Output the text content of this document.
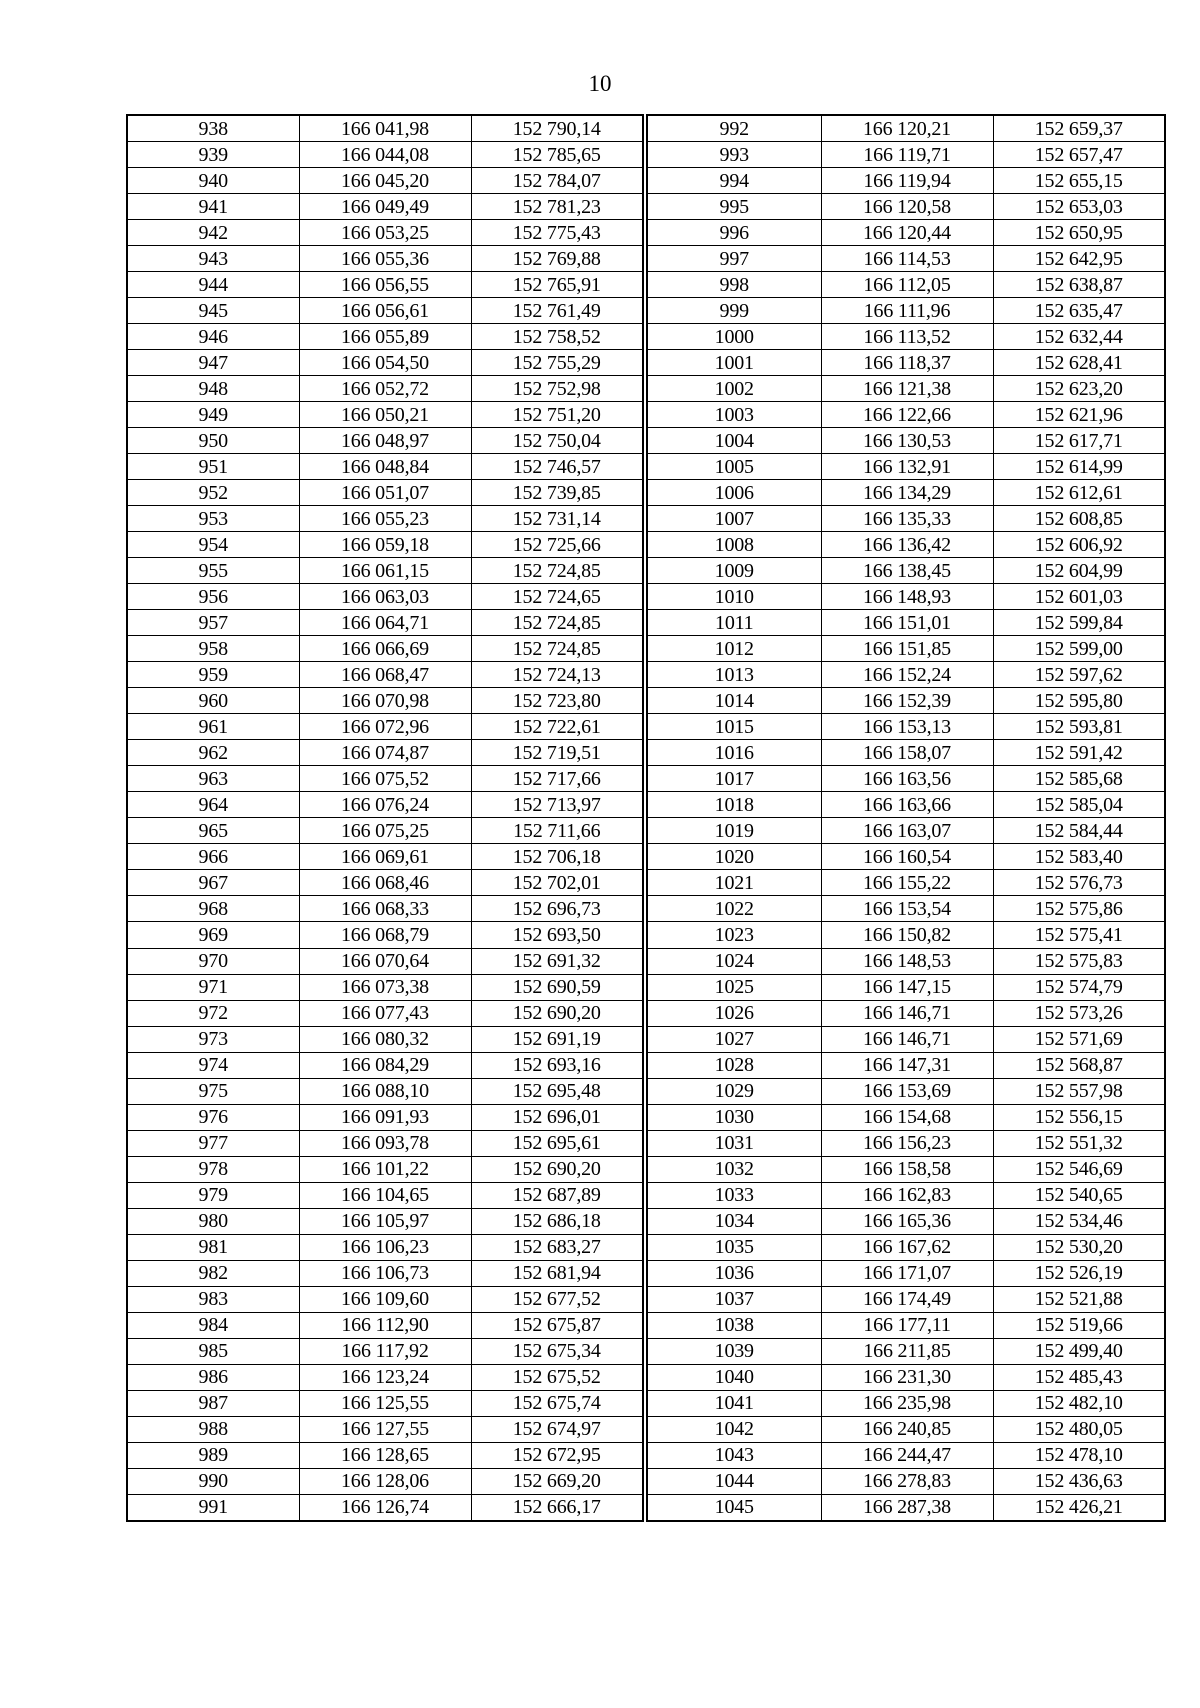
10
938	166 041,98	152 790,14
939	166 044,08	152 785,65
940	166 045,20	152 784,07
941	166 049,49	152 781,23
942	166 053,25	152 775,43
943	166 055,36	152 769,88
944	166 056,55	152 765,91
945	166 056,61	152 761,49
946	166 055,89	152 758,52
947	166 054,50	152 755,29
948	166 052,72	152 752,98
949	166 050,21	152 751,20
950	166 048,97	152 750,04
951	166 048,84	152 746,57
952	166 051,07	152 739,85
953	166 055,23	152 731,14
954	166 059,18	152 725,66
955	166 061,15	152 724,85
956	166 063,03	152 724,65
957	166 064,71	152 724,85
958	166 066,69	152 724,85
959	166 068,47	152 724,13
960	166 070,98	152 723,80
961	166 072,96	152 722,61
962	166 074,87	152 719,51
963	166 075,52	152 717,66
964	166 076,24	152 713,97
965	166 075,25	152 711,66
966	166 069,61	152 706,18
967	166 068,46	152 702,01
968	166 068,33	152 696,73
969	166 068,79	152 693,50
970	166 070,64	152 691,32
971	166 073,38	152 690,59
972	166 077,43	152 690,20
973	166 080,32	152 691,19
974	166 084,29	152 693,16
975	166 088,10	152 695,48
976	166 091,93	152 696,01
977	166 093,78	152 695,61
978	166 101,22	152 690,20
979	166 104,65	152 687,89
980	166 105,97	152 686,18
981	166 106,23	152 683,27
982	166 106,73	152 681,94
983	166 109,60	152 677,52
984	166 112,90	152 675,87
985	166 117,92	152 675,34
986	166 123,24	152 675,52
987	166 125,55	152 675,74
988	166 127,55	152 674,97
989	166 128,65	152 672,95
990	166 128,06	152 669,20
991	166 126,74	152 666,17
992	166 120,21	152 659,37
993	166 119,71	152 657,47
994	166 119,94	152 655,15
995	166 120,58	152 653,03
996	166 120,44	152 650,95
997	166 114,53	152 642,95
998	166 112,05	152 638,87
999	166 111,96	152 635,47
1000	166 113,52	152 632,44
1001	166 118,37	152 628,41
1002	166 121,38	152 623,20
1003	166 122,66	152 621,96
1004	166 130,53	152 617,71
1005	166 132,91	152 614,99
1006	166 134,29	152 612,61
1007	166 135,33	152 608,85
1008	166 136,42	152 606,92
1009	166 138,45	152 604,99
1010	166 148,93	152 601,03
1011	166 151,01	152 599,84
1012	166 151,85	152 599,00
1013	166 152,24	152 597,62
1014	166 152,39	152 595,80
1015	166 153,13	152 593,81
1016	166 158,07	152 591,42
1017	166 163,56	152 585,68
1018	166 163,66	152 585,04
1019	166 163,07	152 584,44
1020	166 160,54	152 583,40
1021	166 155,22	152 576,73
1022	166 153,54	152 575,86
1023	166 150,82	152 575,41
1024	166 148,53	152 575,83
1025	166 147,15	152 574,79
1026	166 146,71	152 573,26
1027	166 146,71	152 571,69
1028	166 147,31	152 568,87
1029	166 153,69	152 557,98
1030	166 154,68	152 556,15
1031	166 156,23	152 551,32
1032	166 158,58	152 546,69
1033	166 162,83	152 540,65
1034	166 165,36	152 534,46
1035	166 167,62	152 530,20
1036	166 171,07	152 526,19
1037	166 174,49	152 521,88
1038	166 177,11	152 519,66
1039	166 211,85	152 499,40
1040	166 231,30	152 485,43
1041	166 235,98	152 482,10
1042	166 240,85	152 480,05
1043	166 244,47	152 478,10
1044	166 278,83	152 436,63
1045	166 287,38	152 426,21
